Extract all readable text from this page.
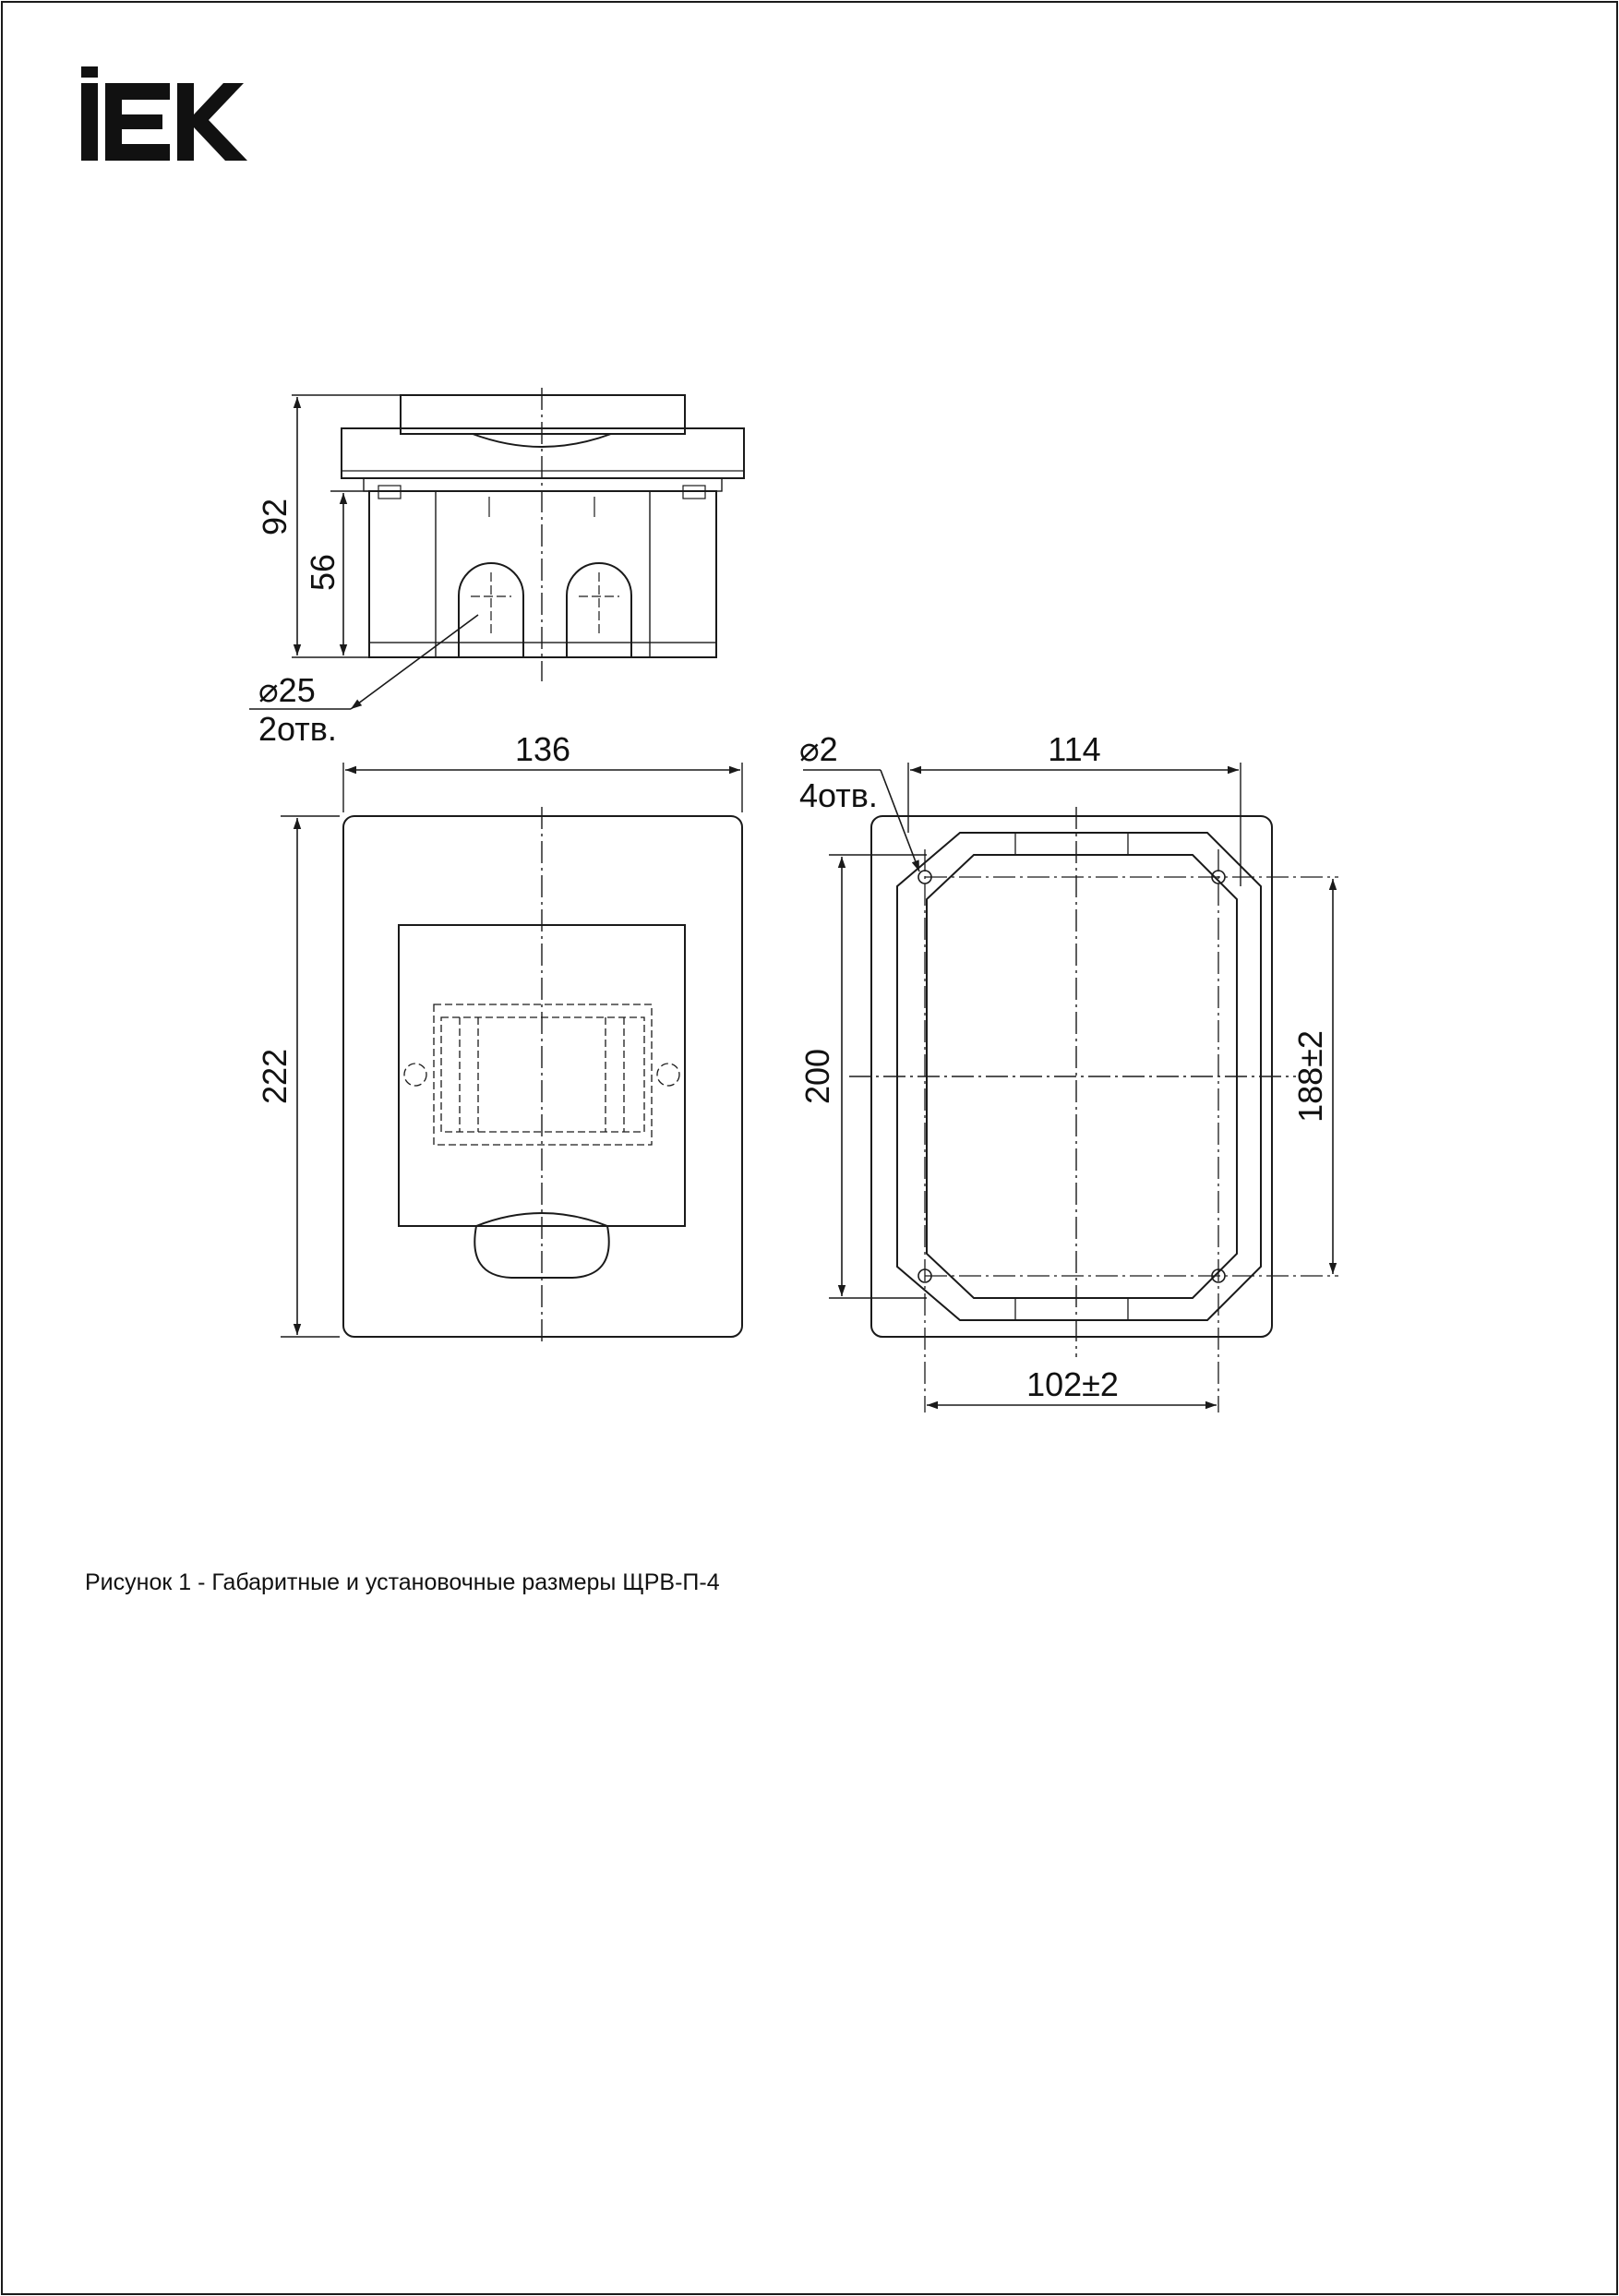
92
56
⌀25
2отв.
136
222
114
200	188±2
102±2
⌀2
4отв.
Рисунок 1 - Габаритные и установочные размеры ЩРВ-П-4
